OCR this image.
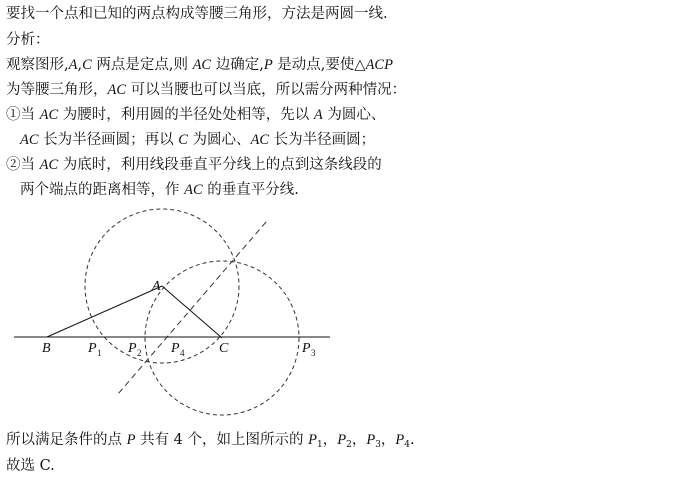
要找一个点和已知的两点构成等腰三角形，方法是两圆一线.
分析：
观察图形,A,C 两点是定点,则 AC 边确定,P 是动点,要使△ACP
为等腰三角形，AC 可以当腰也可以当底，所以需分两种情况：
①当 AC 为腰时，利用圆的半径处处相等，先以 A 为圆心、
AC 长为半径画圆；再以 C 为圆心、AC 长为半径画圆；
②当 AC 为底时，利用线段垂直平分线上的点到这条线段的
两个端点的距离相等，作 AC 的垂直平分线.
A
B	C
P 1 P 2 P 4	P 3
所以满足条件的点 P 共有 4 个，如上图所示的 $P_1$，$P_2$，$P_3$，$P_4$.
故选 C.
